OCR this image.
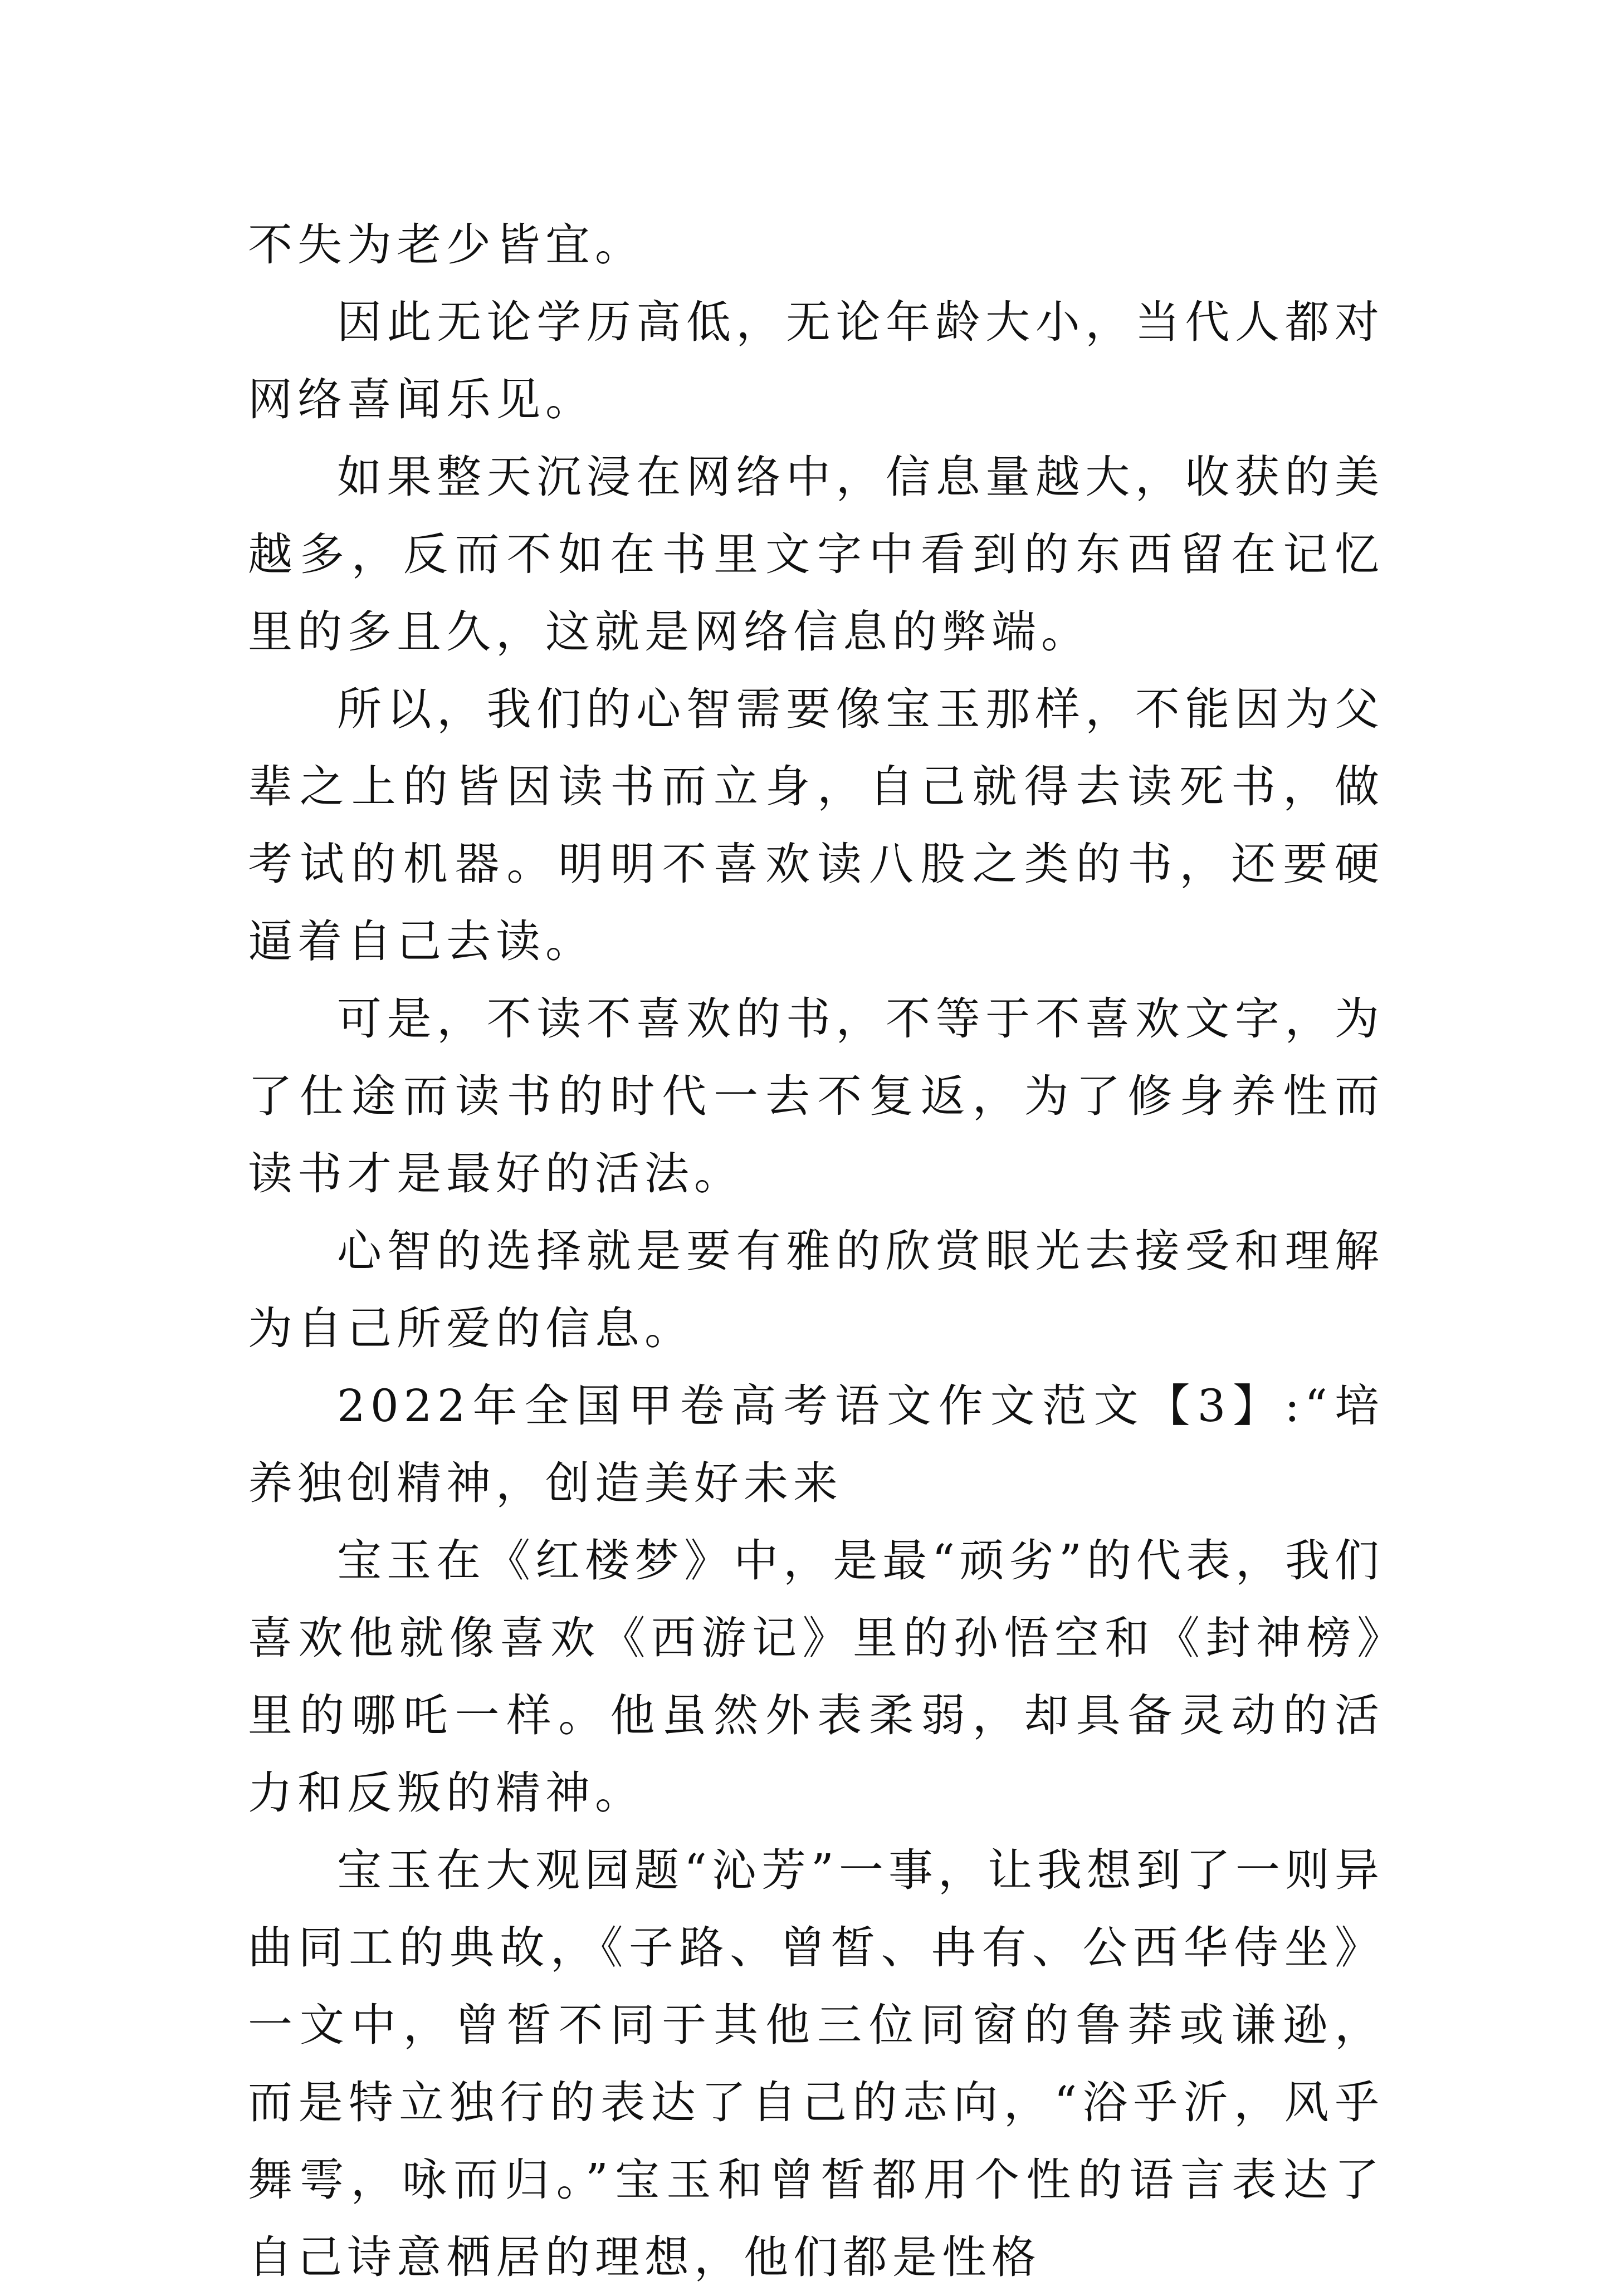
不失为老少皆宜。

因此无论学历高低，无论年龄大小，当代人都对网络喜闻乐见。

如果整天沉浸在网络中，信息量越大，收获的美越多，反而不如在书里文字中看到的东西留在记忆里的多且久，这就是网络信息的弊端。

所以，我们的心智需要像宝玉那样，不能因为父辈之上的皆因读书而立身，自己就得去读死书，做考试的机器。明明不喜欢读八股之类的书，还要硬逼着自己去读。

可是，不读不喜欢的书，不等于不喜欢文字，为了仕途而读书的时代一去不复返，为了修身养性而读书才是最好的活法。

心智的选择就是要有雅的欣赏眼光去接受和理解为自己所爱的信息。

2022年全国甲卷高考语文作文范文【3】:“培养独创精神，创造美好未来

宝玉在《红楼梦》中，是最“顽劣”的代表，我们喜欢他就像喜欢《西游记》里的孙悟空和《封神榜》里的哪吒一样。他虽然外表柔弱，却具备灵动的活力和反叛的精神。

宝玉在大观园题“沁芳”一事，让我想到了一则异曲同工的典故，《子路、曾皙、冉有、公西华侍坐》一文中，曾皙不同于其他三位同窗的鲁莽或谦逊，而是特立独行的表达了自己的志向，“浴乎沂，风乎舞雩，咏而归。”宝玉和曾皙都用个性的语言表达了自己诗意栖居的理想，他们都是性格
